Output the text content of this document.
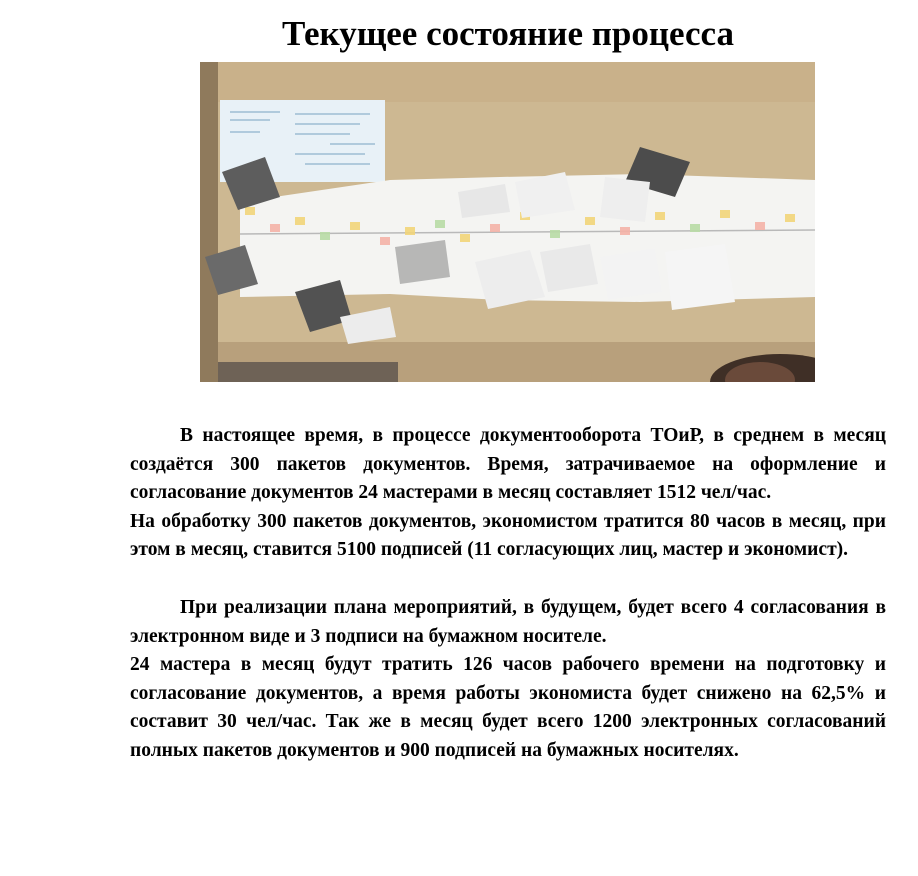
Текущее состояние процесса

В настоящее время, в процессе документооборота ТОиР, в среднем в месяц создаётся 300 пакетов документов. Время, затрачиваемое на оформление и согласование документов 24 мастерами в месяц составляет 1512 чел/час.

На обработку 300 пакетов документов, экономистом тратится 80 часов в месяц, при этом в месяц, ставится 5100 подписей (11 согласующих лиц, мастер и экономист).

При реализации плана мероприятий, в будущем, будет всего 4 согласования в электронном виде и 3 подписи на бумажном носителе.

24 мастера в месяц будут тратить 126 часов рабочего времени на подготовку и согласование документов, а время работы экономиста будет снижено на 62,5% и составит 30 чел/час. Так же в месяц будет всего 1200 электронных согласований полных пакетов документов и 900 подписей на бумажных носителях.
